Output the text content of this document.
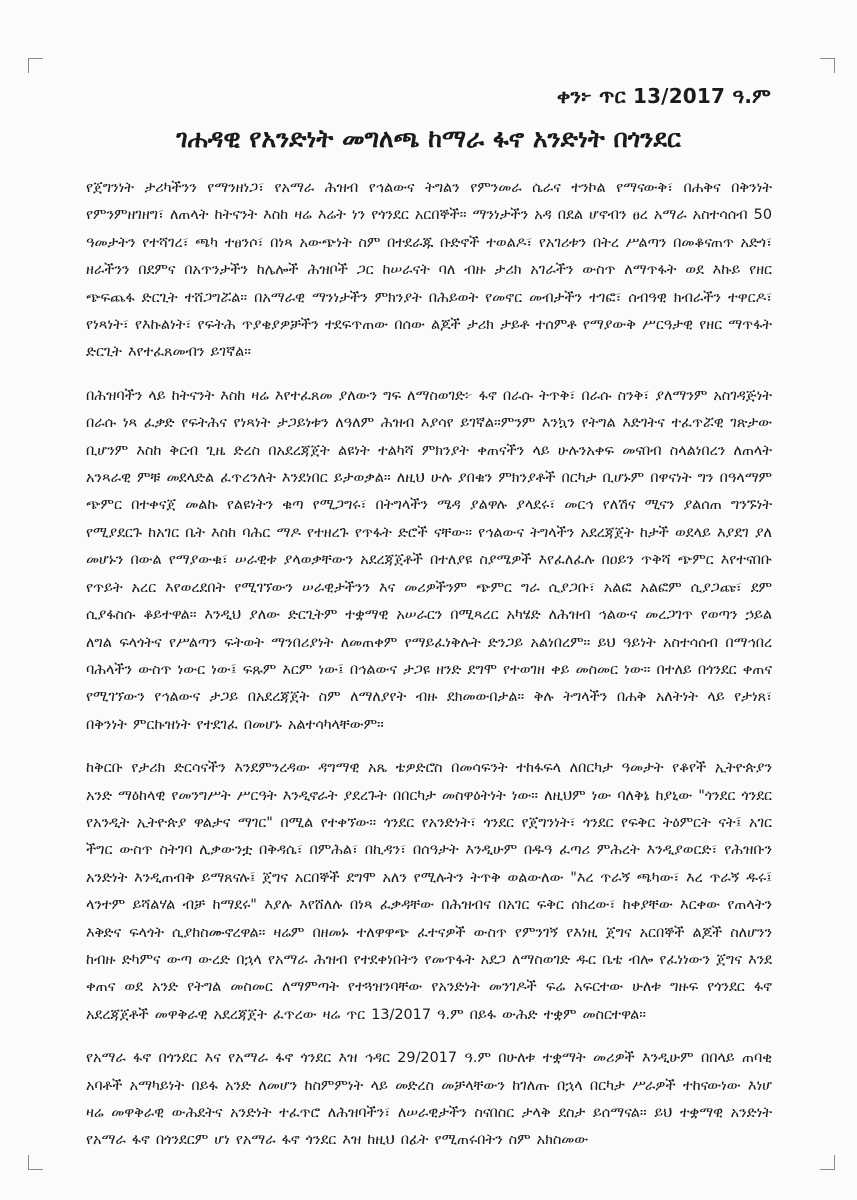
ቀን፦ ጥር 13/2017 ዓ.ም
ገሐዳዊ የአንድነት መግለጫ ከማራ ፋኖ አንድነት በጎንደር

የጀግንነት ታሪካችንን የማንዘነጋ፣ የአማራ ሕዝብ የኅልውና ትግልን የምንመራ ሴራና ተንኮል የማናውቅ፣ በሐቅና በቅንነት የምንምዘገዘግ፣ ለጠላት ከትናንት እስከ ዛሬ እሬት ነን የጎንደር አርበኞች። ማንነታችን አዳ በደል ሆኖብን ፀረ አማራ አስተሳሰብ 50 ዓመታትን የተሻገረ፣ ጫካ ተፀንሶ፣ በነጻ አውጭነት ስም በተደራጁ ቡድኖች ተወልዶ፣ የአገሪቱን በትረ ሥልጣን በመቆናጠጥ አድጎ፣ ዘራችንን በደምና በአጥንታችን ከሌሎች ሕዝቦች ጋር ከሠራናት ባለ ብዙ ታሪክ አገራችን ውስጥ ለማጥፋት ወደ እኩይ የዘር ጭፍጨፋ ድርጊት ተሸጋግሯል። በአማራዊ ማንነታችን ምክንያት በሕይወት የመኖር መብታችን ተገፎ፣ ሰብዓዊ ክብራችን ተዋርዶ፣ የነጻነት፣ የእኩልነት፣ የፍትሕ ጥያቄያዎቻችን ተደፍጥጠው በሰው ልጆች ታሪክ ታይቶ ተሰምቶ የማያውቅ ሥርዓታዊ የዘር ማጥፋት ድርጊት እየተፈጸመብን ይገኛል።

በሕዝባችን ላይ ከትናንት እስከ ዛሬ እየተፈጸመ ያለውን ግፍ ለማስወገድ፦ ፋኖ በራሱ ትጥቅ፣ በራሱ ስንቅ፣ ያለማንም አስገዳጅነት በራሱ ነጻ ፈቃድ የፍትሕና የነጻነት ታጋይነቱን ለዓለም ሕዝብ እያሳየ ይገኛል።ምንም እንኳን የትግል እድገትና ተፈጥሯዊ ገጽታው ቢሆንም እስከ ቅርብ ጊዜ ድረስ በአደረጃጀት ልዩነት ተልካሻ ምክንያት ቀጠናችን ላይ ሁሉንአቀፍ መናበብ ስላልነበረን ለጠላት አንጻራዊ ምቹ መደላድል ፈጥረንለት እንደነበር ይታወቃል። ለዚህ ሁሉ ያበቁን ምክንያቶች በርካታ ቢሆኑም በዋናነት ግን በዓላማም ጭምር በተቀናጀ መልኩ የልዩነትን ቁጣ የሚጋግሩ፣ በትግላችን ሜዳ ያልዋሉ ያላደሩ፣ መርኅ የለሽና ሚናን ያልሰጠ ግንኙነት የሚያደርጉ ከአገር ቤት እስከ ባሕር ማዶ የተዘረጉ የጥፋት ድሮች ናቸው። የኅልውና ትግላችን አደረጃጀት ከታች ወደላይ እያደገ ያለ መሆኑን በውል የማያውቁ፣ ሠራዊቱ ያላወቃቸውን አደረጃጀቶች በተለያዩ ስያሜዎች እየፈለፈሉ በዐይን ጥቅሻ ጭምር እየተናበቡ የጥይት አረር እየወረደበት የሚገኘውን ሠራዊታችንን እና መሪዎችንም ጭምር ግራ ሲያጋቡ፣ አልፎ አልፎም ሲያጋጩ፣ ደም ሲያፋስሱ ቆይተዋል። እንዲህ ያለው ድርጊትም ተቋማዊ አሠራርን በሚጻረር አካሄድ ለሕዝብ ኅልውና መረጋገጥ የወጣን ኃይል ለግል ፍላጎትና የሥልጣን ፍትወት ማንበሪያነት ለመጠቀም የማይፈነቅሉት ድንጋይ አልነበረም። ይህ ዓይነት አስተሳሰብ በማኅበረ ባሕላችን ውስጥ ነውር ነው፤ ፍጹም እርም ነው፤ በኅልውና ታጋዩ ዘንድ ደግሞ የተወገዘ ቀይ መስመር ነው። በተለይ በጎንደር ቀጠና የሚገኘውን የኅልውና ታጋይ በአደረጃጀት ስም ለማለያየት ብዙ ደክመውበታል። ቅሉ ትግላችን በሐቅ አለትነት ላይ የታነጸ፣ በቅንነት ምርኩዝነት የተደገፈ በመሆኑ አልተሳካላቸውም።

ከቅርቡ የታሪክ ድርሳናችን እንደምንረዳው ዳግማዊ አጼ ቴዎድሮስ በመሳፍንት ተከፋፍላ ለበርካታ ዓመታት የቆየች ኢትዮጵያን አንድ ማዕከላዊ የመንግሥት ሥርዓት እንዲኖራት ያደረጉት በበርካታ መስዋዕትነት ነው። ለዚህም ነው ባለቅኔ ከያኒው "ጎንደር ጎንደር የአንዲት ኢትዮጵያ ዋልታና ማገር" በሚል የተቀኘው። ጎንደር የአንድነት፣ ጎንደር የጀግንነት፣ ጎንደር የፍቅር ትዕምርት ናት፤ አገር ችግር ውስጥ ስትገባ ሊቃውንቷ በቅዳሴ፣ በምሕል፣ በኪዳን፣ በሰዓታት እንዲሁም በዱዓ ፈጣሪ ምሕረት እንዲያወርድ፣ የሕዝቡን አንድነት እንዲጠብቅ ይማጸናሉ፤ ጀግና አርበኞች ደግሞ አለን የሚሉትን ትጥቅ ወልውለው "እረ ጥራኝ ጫካው፣ እረ ጥራኝ ዱሩ፤ ላንተም ይሻልሃል ብቻ ከማደሩ" እያሉ እየሸለሉ በነጻ ፈቃዳቸው በሕዝብና በአገር ፍቅር ሰክረው፣ ከቀያቸው እርቀው የጠላትን እቅድና ፍላጎት ሲያከስሙኖረዋል። ዛሬም በዘመኑ ተለዋዋጭ ፈተናዎች ውስጥ የምንገኝ የእነዚ ጀግና አርበኞች ልጆች ስለሆንን ከብዙ ድካምና ውጣ ውረድ በኋላ የአማራ ሕዝብ የተደቀነበትን የመጥፋት አደጋ ለማስወገድ ዱር ቤቴ ብሎ የፈነነውን ጀግና እንደ ቀጠና ወደ አንድ የትግል መስመር ለማምጣት የተጓዝንባቸው የአንድነት መንገዶች ፍሬ አፍርተው ሁለቱ ግዙፍ የጎንደር ፋኖ አደረጃጀቶች መዋቅራዊ አደረጃጀት ፈጥረው ዛሬ ጥር 13/2017 ዓ.ም በይፋ ውሕድ ተቋም መስርተዋል።

የአማራ ፋኖ በጎንደር እና የአማራ ፋኖ ጎንደር እዝ ኅዳር 29/2017 ዓ.ም በሁለቱ ተቋማት መሪዎች እንዲሁም በበላይ ጠባቂ አባቶች አማካይነት በይፋ አንድ ለመሆን ከስምምነት ላይ መድረስ መቻላቸውን ከገለጡ በኋላ በርካታ ሥራዎች ተከናውነው እነሆ ዛሬ መዋቅራዊ ውሕደትና አንድነት ተፈጥሮ ለሕዝባችን፣ ለሠራዊታችን ስናበስር ታላቅ ደስታ ይሰማናል። ይህ ተቋማዊ አንድነት የአማራ ፋኖ በጎንደርም ሆነ የአማራ ፋኖ ጎንደር እዝ ከዚህ በፊት የሚጠሩበትን ስም አክስመው
